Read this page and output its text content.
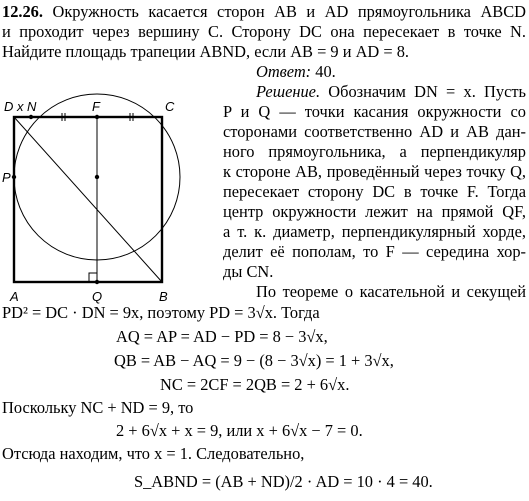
12.26. Окружность касается сторон AB и AD прямоугольника ABCD
и проходит через вершину C. Сторону DC она пересекает в точке N.
Найдите площадь трапеции ABND, если AB = 9 и AD = 8.
Ответ: 40.
D x N	F	C
P
A	Q	B
Решение. Обозначим DN = x. Пусть
P и Q — точки касания окружности со
сторонами соответственно AD и AB дан-
ного прямоугольника, а перпендикуляр
к стороне AB, проведённый через точку Q,
пересекает сторону DC в точке F. Тогда
центр окружности лежит на прямой QF,
а т. к. диаметр, перпендикулярный хорде,
делит её пополам, то F — середина хор-
ды CN.
По теореме о касательной и секущей
PD² = DC · DN = 9x, поэтому PD = 3√x. Тогда
AQ = AP = AD − PD = 8 − 3√x,
QB = AB − AQ = 9 − (8 − 3√x) = 1 + 3√x,
NC = 2CF = 2QB = 2 + 6√x.
Поскольку NC + ND = 9, то
2 + 6√x + x = 9, или x + 6√x − 7 = 0.
Отсюда находим, что x = 1. Следовательно,
S_ABND = (AB + ND)/2 · AD = 10 · 4 = 40.
